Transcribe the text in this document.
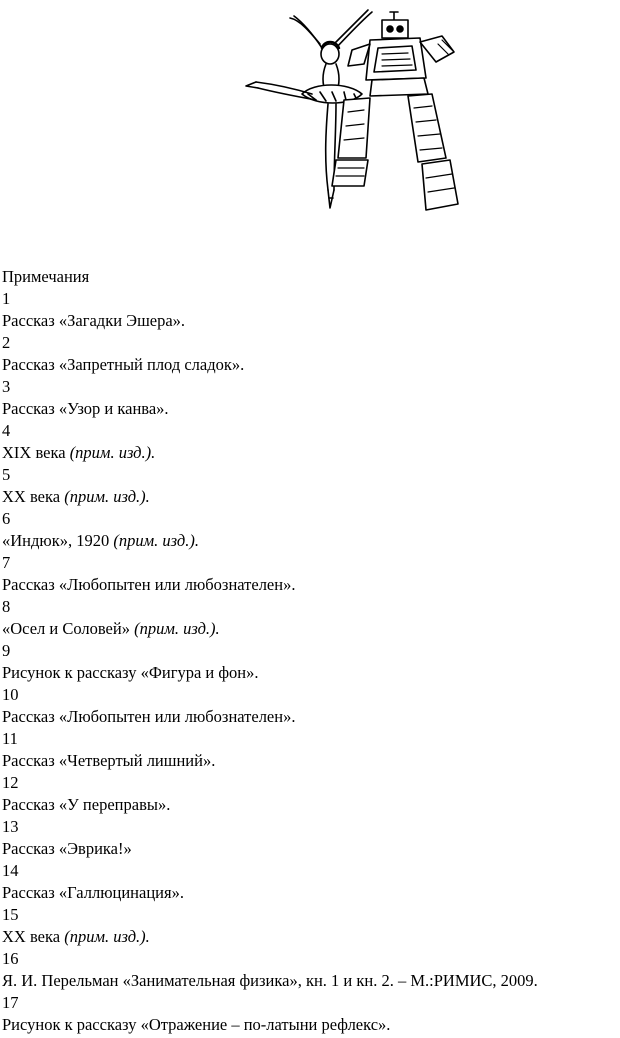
Примечания
1
Рассказ «Загадки Эшера».
2
Рассказ «Запретный плод сладок».
3
Рассказ «Узор и канва».
4
XIX века (прим. изд.).
5
XX века (прим. изд.).
6
«Индюк», 1920 (прим. изд.).
7
Рассказ «Любопытен или любознателен».
8
«Осел и Соловей» (прим. изд.).
9
Рисунок к рассказу «Фигура и фон».
10
Рассказ «Любопытен или любознателен».
11
Рассказ «Четвертый лишний».
12
Рассказ «У переправы».
13
Рассказ «Эврика!»
14
Рассказ «Галлюцинация».
15
XX века (прим. изд.).
16
Я. И. Перельман «Занимательная физика», кн. 1 и кн. 2. – М.:РИМИС, 2009.
17
Рисунок к рассказу «Отражение – по-латыни рефлекс».
